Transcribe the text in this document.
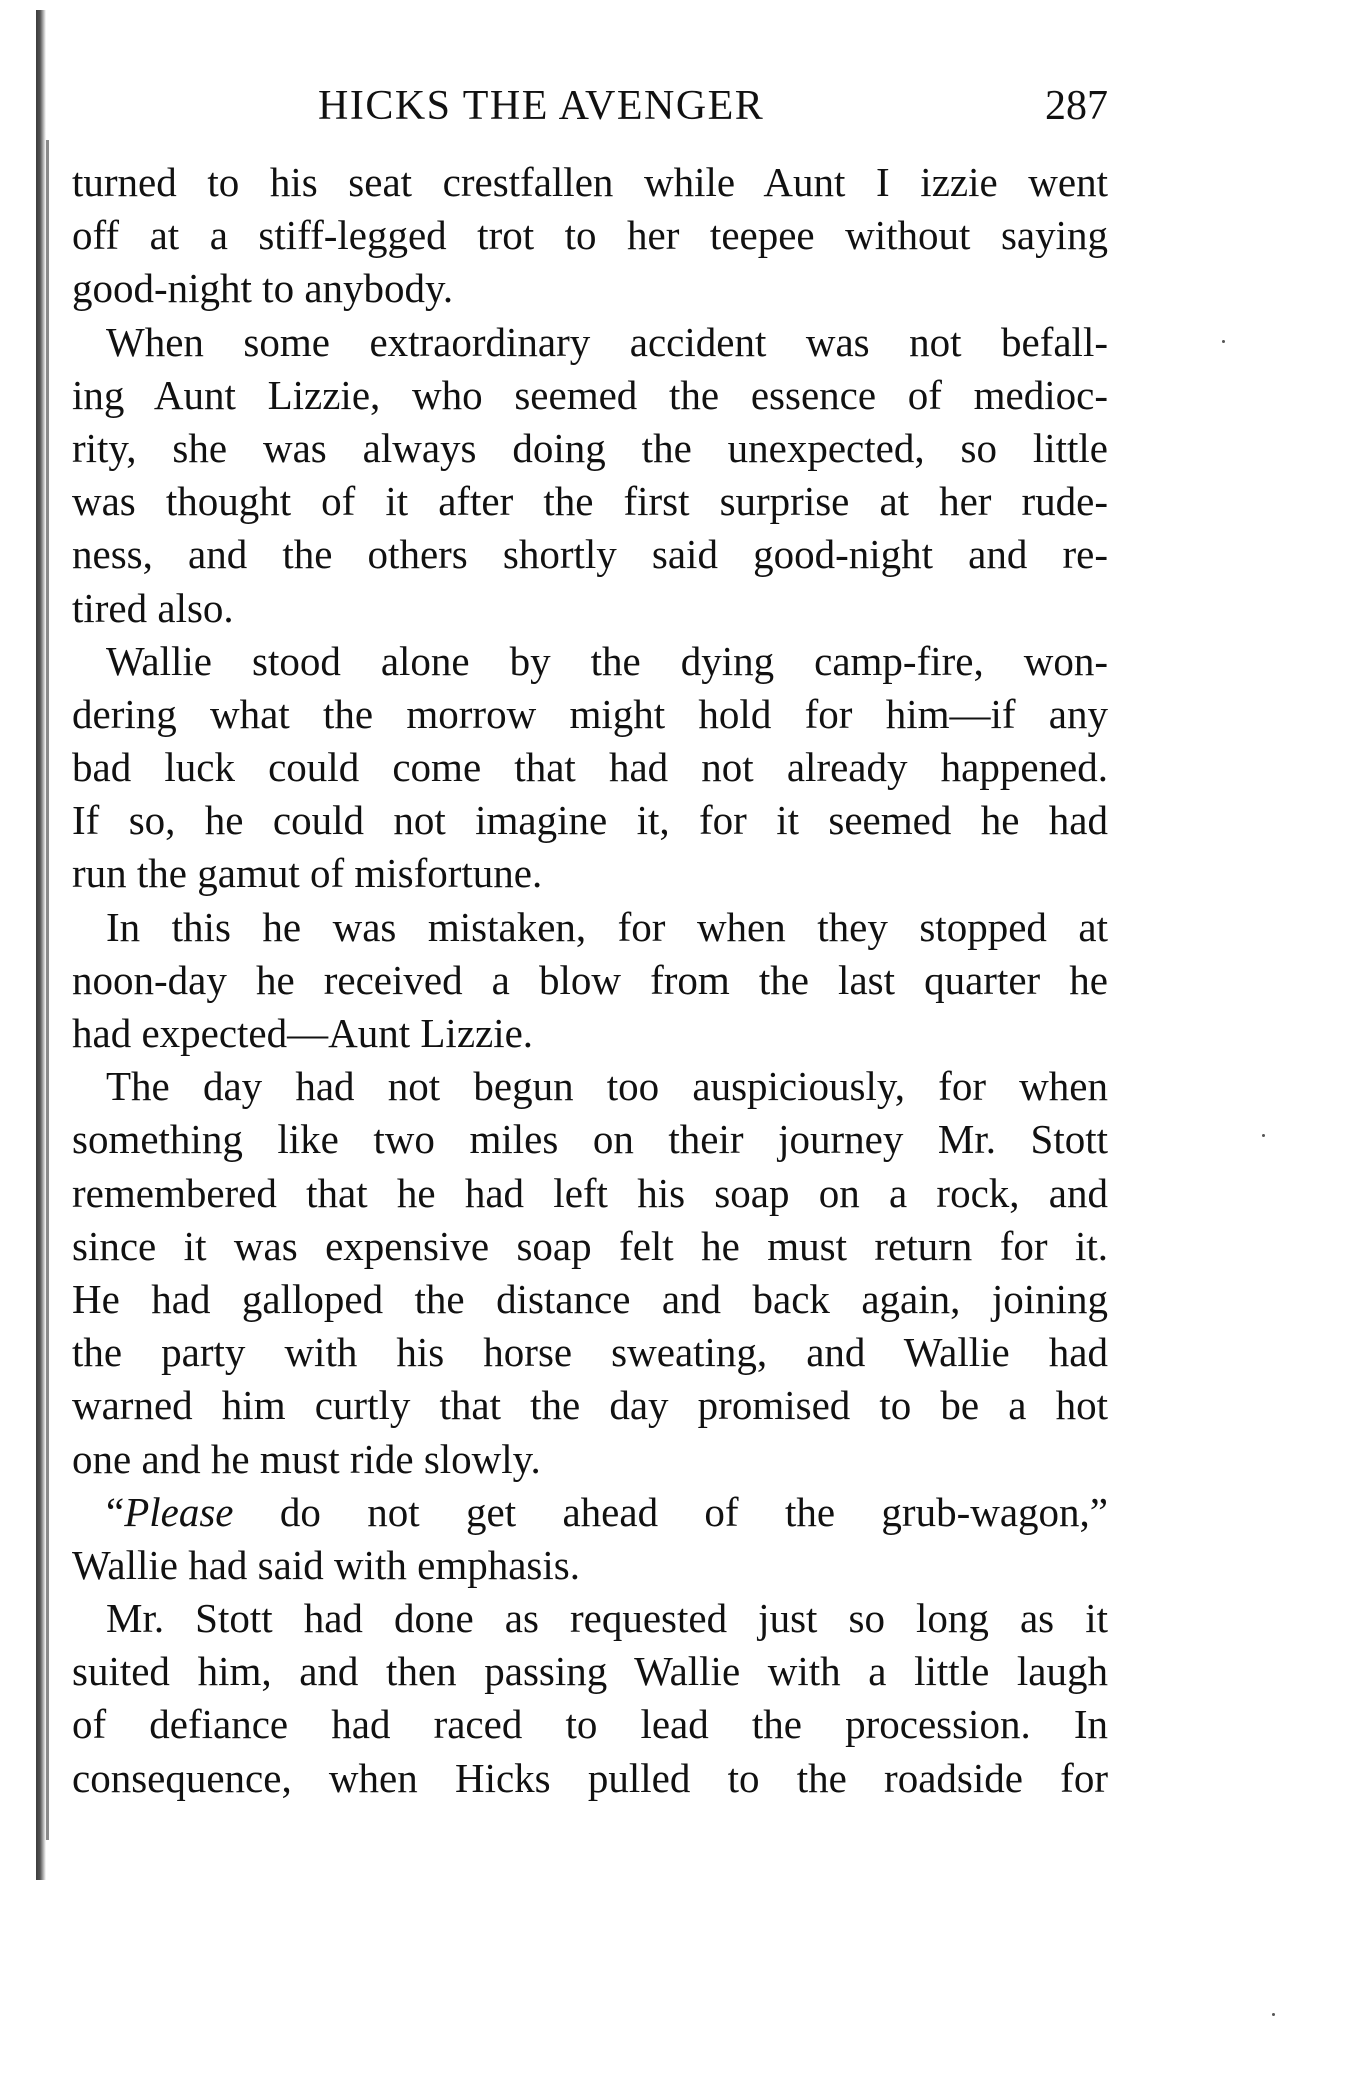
HICKS THE AVENGER	287
turned to his seat crestfallen while Aunt I izzie went
off at a stiff-legged trot to her teepee without saying
good-night to anybody.
When some extraordinary accident was not befall-
ing Aunt Lizzie, who seemed the essence of medioc-
rity, she was always doing the unexpected, so little
was thought of it after the first surprise at her rude-
ness, and the others shortly said good-night and re-
tired also.
Wallie stood alone by the dying camp-fire, won-
dering what the morrow might hold for him—if any
bad luck could come that had not already happened.
If so, he could not imagine it, for it seemed he had
run the gamut of misfortune.
In this he was mistaken, for when they stopped at
noon-day he received a blow from the last quarter he
had expected—Aunt Lizzie.
The day had not begun too auspiciously, for when
something like two miles on their journey Mr. Stott
remembered that he had left his soap on a rock, and
since it was expensive soap felt he must return for it.
He had galloped the distance and back again, joining
the party with his horse sweating, and Wallie had
warned him curtly that the day promised to be a hot
one and he must ride slowly.
“Please do not get ahead of the grub-wagon,”
Wallie had said with emphasis.
Mr. Stott had done as requested just so long as it
suited him, and then passing Wallie with a little laugh
of defiance had raced to lead the procession. In
consequence, when Hicks pulled to the roadside for
